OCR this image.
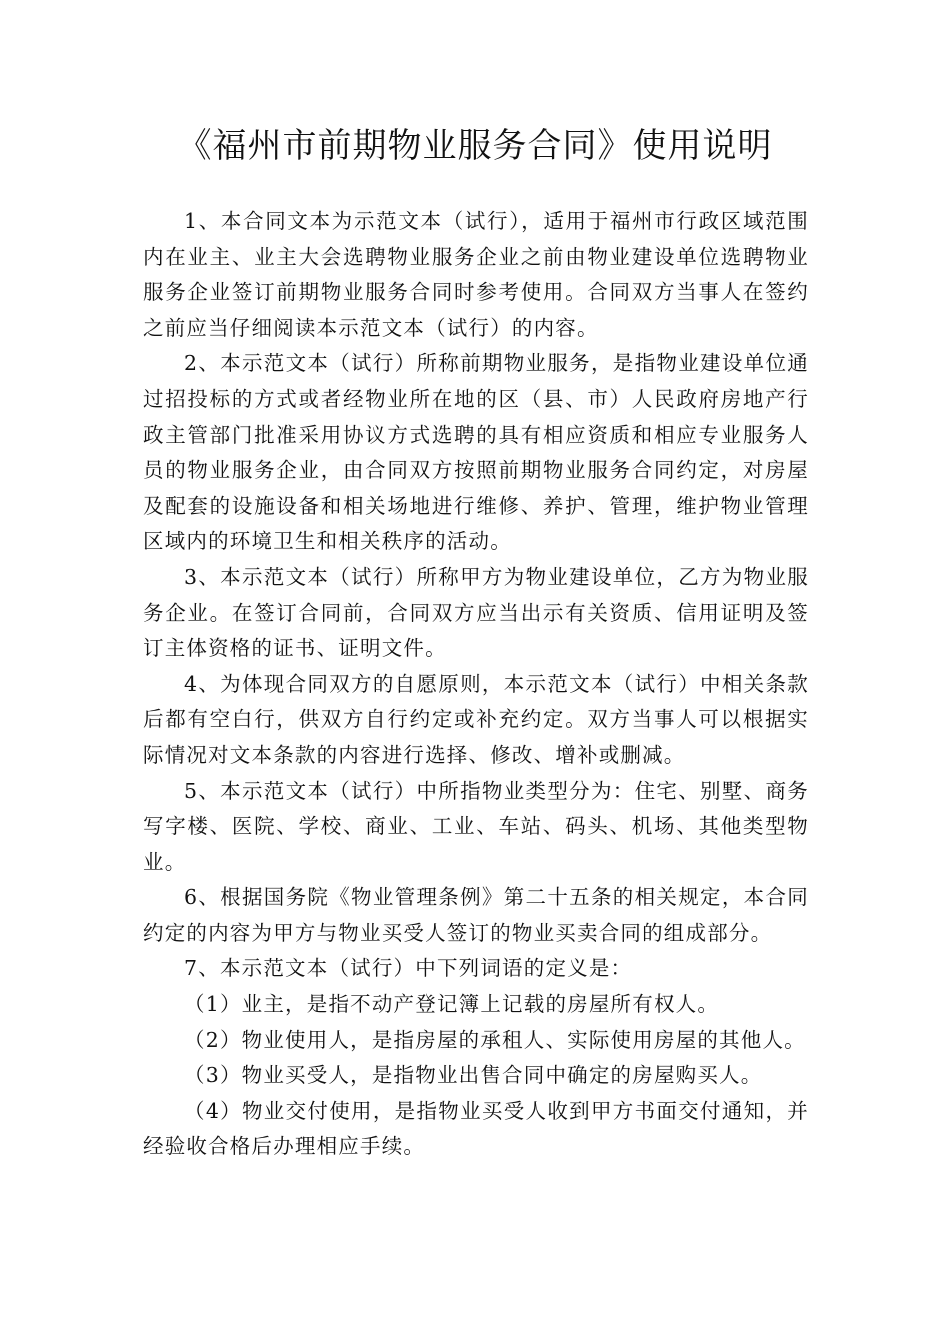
《福州市前期物业服务合同》使用说明

1、本合同文本为示范文本（试行），适用于福州市行政区域范围内在业主、业主大会选聘物业服务企业之前由物业建设单位选聘物业服务企业签订前期物业服务合同时参考使用。合同双方当事人在签约之前应当仔细阅读本示范文本（试行）的内容。

2、本示范文本（试行）所称前期物业服务，是指物业建设单位通过招投标的方式或者经物业所在地的区（县、市）人民政府房地产行政主管部门批准采用协议方式选聘的具有相应资质和相应专业服务人员的物业服务企业，由合同双方按照前期物业服务合同约定，对房屋及配套的设施设备和相关场地进行维修、养护、管理，维护物业管理区域内的环境卫生和相关秩序的活动。

3、本示范文本（试行）所称甲方为物业建设单位，乙方为物业服务企业。在签订合同前，合同双方应当出示有关资质、信用证明及签订主体资格的证书、证明文件。

4、为体现合同双方的自愿原则，本示范文本（试行）中相关条款后都有空白行，供双方自行约定或补充约定。双方当事人可以根据实际情况对文本条款的内容进行选择、修改、增补或删减。

5、本示范文本（试行）中所指物业类型分为：住宅、别墅、商务写字楼、医院、学校、商业、工业、车站、码头、机场、其他类型物业。

6、根据国务院《物业管理条例》第二十五条的相关规定，本合同约定的内容为甲方与物业买受人签订的物业买卖合同的组成部分。

7、本示范文本（试行）中下列词语的定义是：

（1）业主，是指不动产登记簿上记载的房屋所有权人。

（2）物业使用人，是指房屋的承租人、实际使用房屋的其他人。

（3）物业买受人，是指物业出售合同中确定的房屋购买人。

（4）物业交付使用，是指物业买受人收到甲方书面交付通知，并经验收合格后办理相应手续。
